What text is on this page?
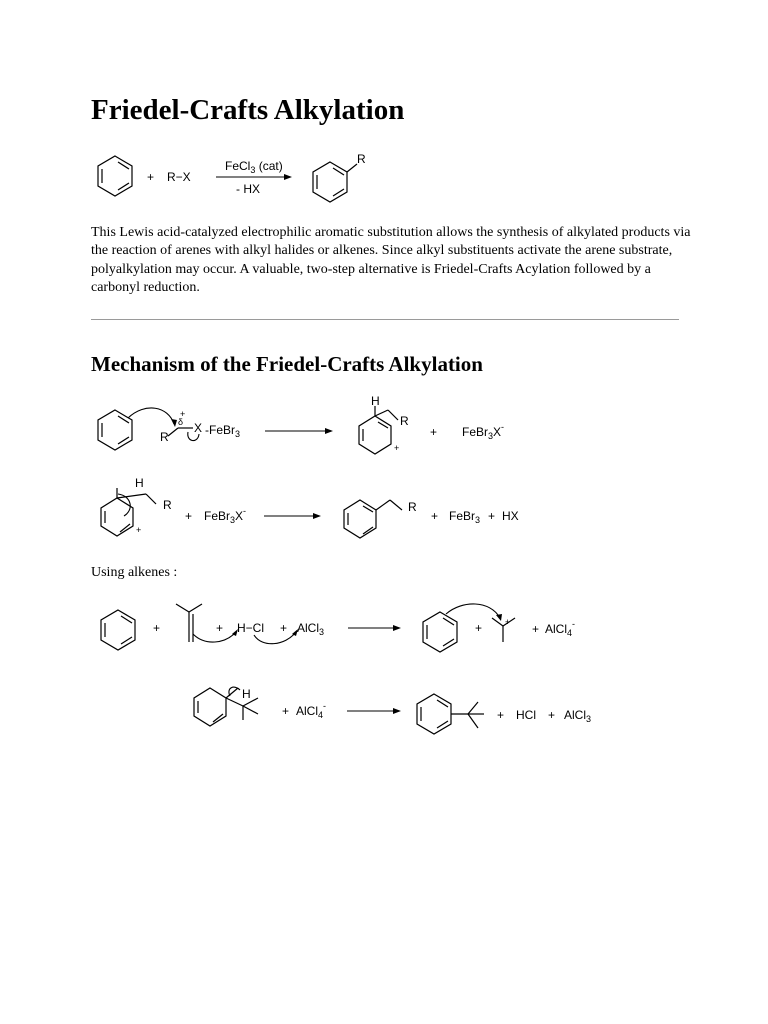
Friedel-Crafts Alkylation
+ R−X
FeCl$_3$ (cat)
- HX
R

This Lewis acid-catalyzed electrophilic aromatic substitution allows the synthesis of alkylated products via the reaction of arenes with alkyl halides or alkenes. Since alkyl substituents activate the arene substrate, polyalkylation may occur. A valuable, two-step alternative is Friedel-Crafts Acylation followed by a carbonyl reduction.

Mechanism of the Friedel-Crafts Alkylation
R
δ+
X -FeBr$_3$
H
R
+
+ FeBr$_3$X-
H
R
+
+ FeBr$_3$X-	R
+ FeBr$_3$ + HX

Using alkenes :

+	+ H−Cl + AlCl$_3$	+	+ + AlCl$_4$-
H
+ AlCl$_4$-
+ HCl + AlCl$_3$
